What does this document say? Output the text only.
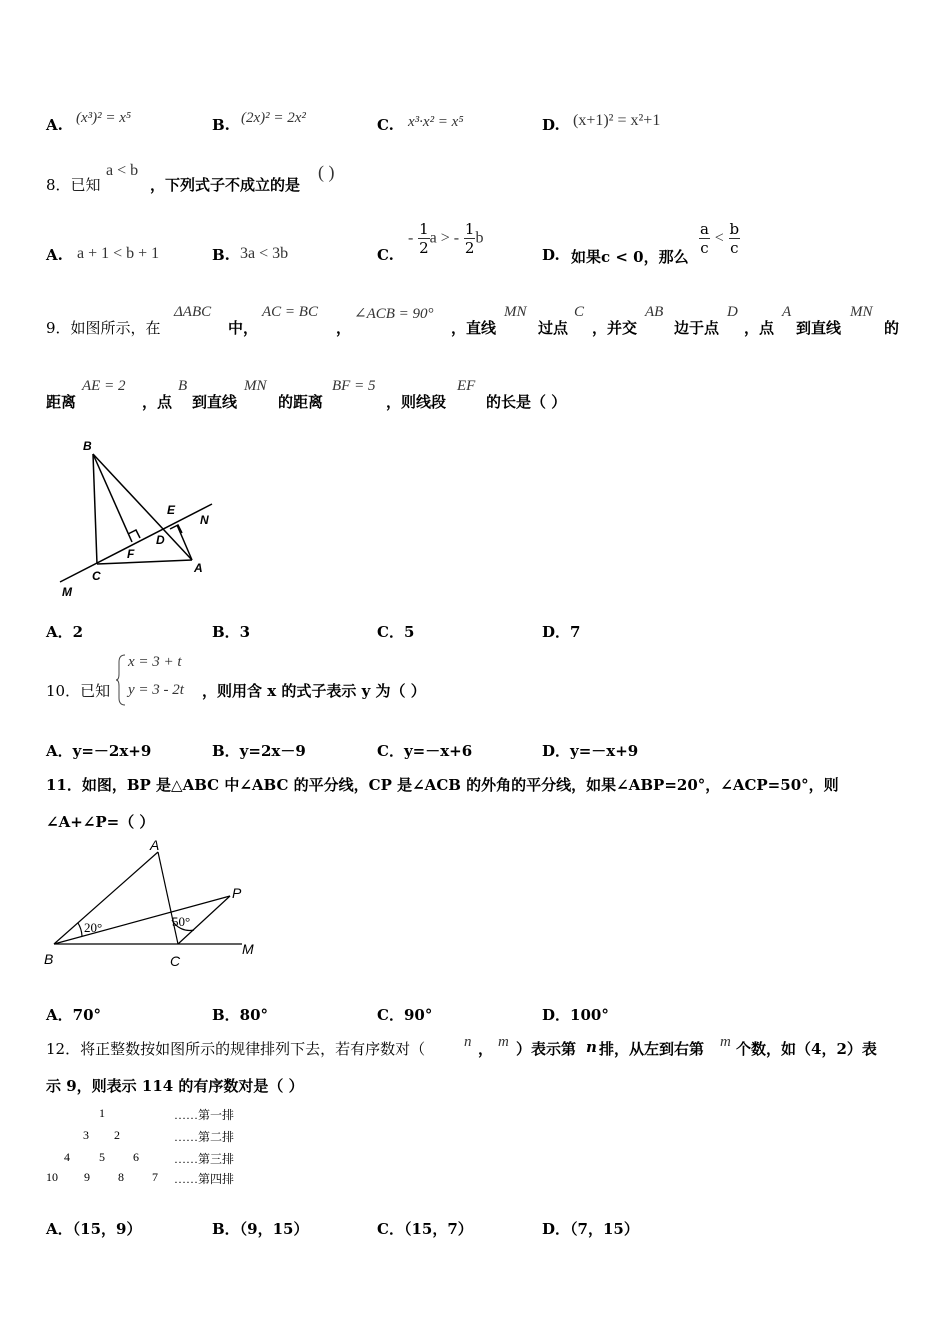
A. (x³)² = x⁵	B. (2x)² = 2x²	C. x³·x² = x⁵	D. (x+1)² = x²+1
8．已知
a < b
，下列式子不成立的是
( )
A. a + 1 < b + 1	B. 3a < 3b	C.
- $\frac{1}{2}$ a > - $\frac{1}{2}$ b
D. 如果c < 0，那么 $\frac{a}{c} < \frac{b}{c}$
9．如图所示，在
ΔABC
中，
AC = BC
，
∠ACB = 90°
，直线
MN
过点
C
，并交
AB
边于点
D
，点
A
到直线
MN
的
距离
AE = 2
，点
B
到直线
MN
的距离
BF = 5
，则线段
EF
的长是（ ）
B
E
N
F
D
C
A
M
A．2	B．3	C．5	D．7
10．已知
x = 3 + t
y = 3 - 2t ，则用含 x 的式子表示 y 为（ ）
A．y=－2x+9	B．y=2x－9	C．y=－x+6	D．y=－x+9
11．如图，BP 是△ABC 中∠ABC 的平分线，CP 是∠ACB 的外角的平分线，如果∠ABP=20°，∠ACP=50°，则
∠A+∠P=（ ）
A
P
B	C
M
20°	50°
A．70°	B．80°	C．90°	D．100°
12．将正整数按如图所示的规律排列下去，若有序数对（	n ， m ）表示第 n 排，从左到右第 m 个数，如（4，2）表
示 9，则表示 114 的有序数对是（ ）
1	……第一排
3 2	……第二排
4 5 6	……第三排
10 9 8 7 ……第四排
A．（15，9）	B．（9，15）	C．（15，7）	D．（7，15）
